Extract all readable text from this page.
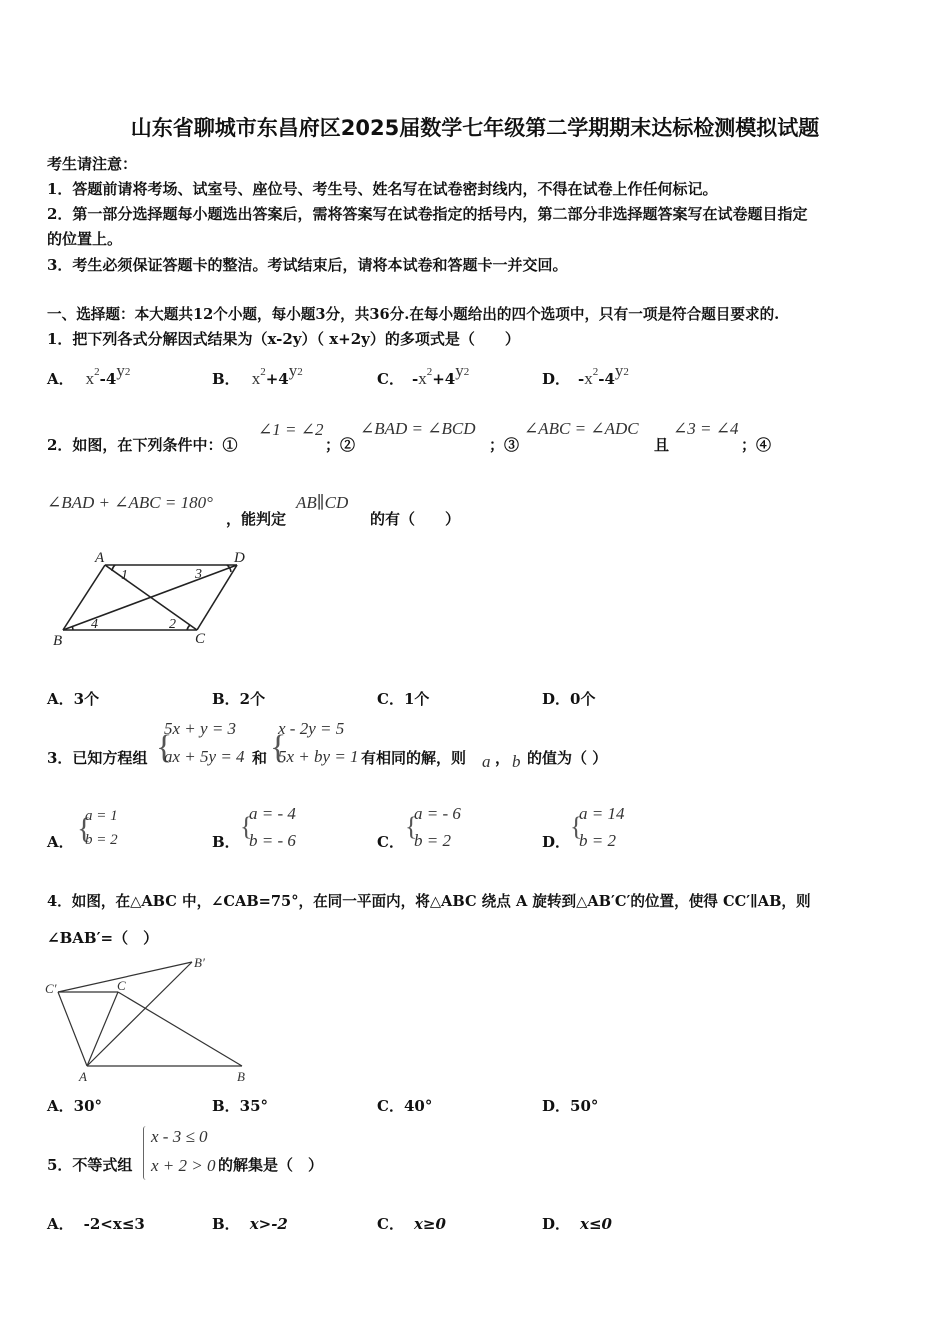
山东省聊城市东昌府区2025届数学七年级第二学期期末达标检测模拟试题
考生请注意：
1．答题前请将考场、试室号、座位号、考生号、姓名写在试卷密封线内，不得在试卷上作任何标记。
2．第一部分选择题每小题选出答案后，需将答案写在试卷指定的括号内，第二部分非选择题答案写在试卷题目指定
的位置上。
3．考生必须保证答题卡的整洁。考试结束后，请将本试卷和答题卡一并交回。
一、选择题：本大题共12个小题，每小题3分，共36分.在每小题给出的四个选项中，只有一项是符合题目要求的.
1．把下列各式分解因式结果为（x-2y）（ x+2y）的多项式是（　　）
A． $x^2-4y^2$	B． $x^2+4y^2$	C． $-x^2+4y^2$	D． $-x^2-4y^2$
2．如图，在下列条件中：①
∠1 = ∠2
；②
∠BAD = ∠BCD
；③
∠ABC = ∠ADC
且
∠3 = ∠4
；④
∠BAD + ∠ABC = 180°
，能判定
AB∥CD
的有（　　）
A	D
B	C
1	3
4	2
A．3个	B．2个	C．1个	D．0个
3．已知方程组 {
5x + y = 3
ax + 5y = 4 和 {
x - 2y = 5
5x + by = 1 有相同的解，则 a ， b 的值为（ ）
A． {
a = 1
b = 2	B．
{
a = - 4
b = - 6	C．
{
a = - 6
b = 2	D．
{
a = 14
b = 2
4．如图，在△ABC 中，∠CAB=75°，在同一平面内，将△ABC 绕点 A 旋转到△AB′C′的位置，使得 CC′∥AB，则
∠BAB′=（　）
C′	C
B′
A	B
A．30°	B．35°	C．40°	D．50°
5．不等式组
x - 3 ≤ 0
x + 2 > 0 的解集是（　）
A． -2<x≤3	B． x>-2	C． x≥0	D． x≤0
